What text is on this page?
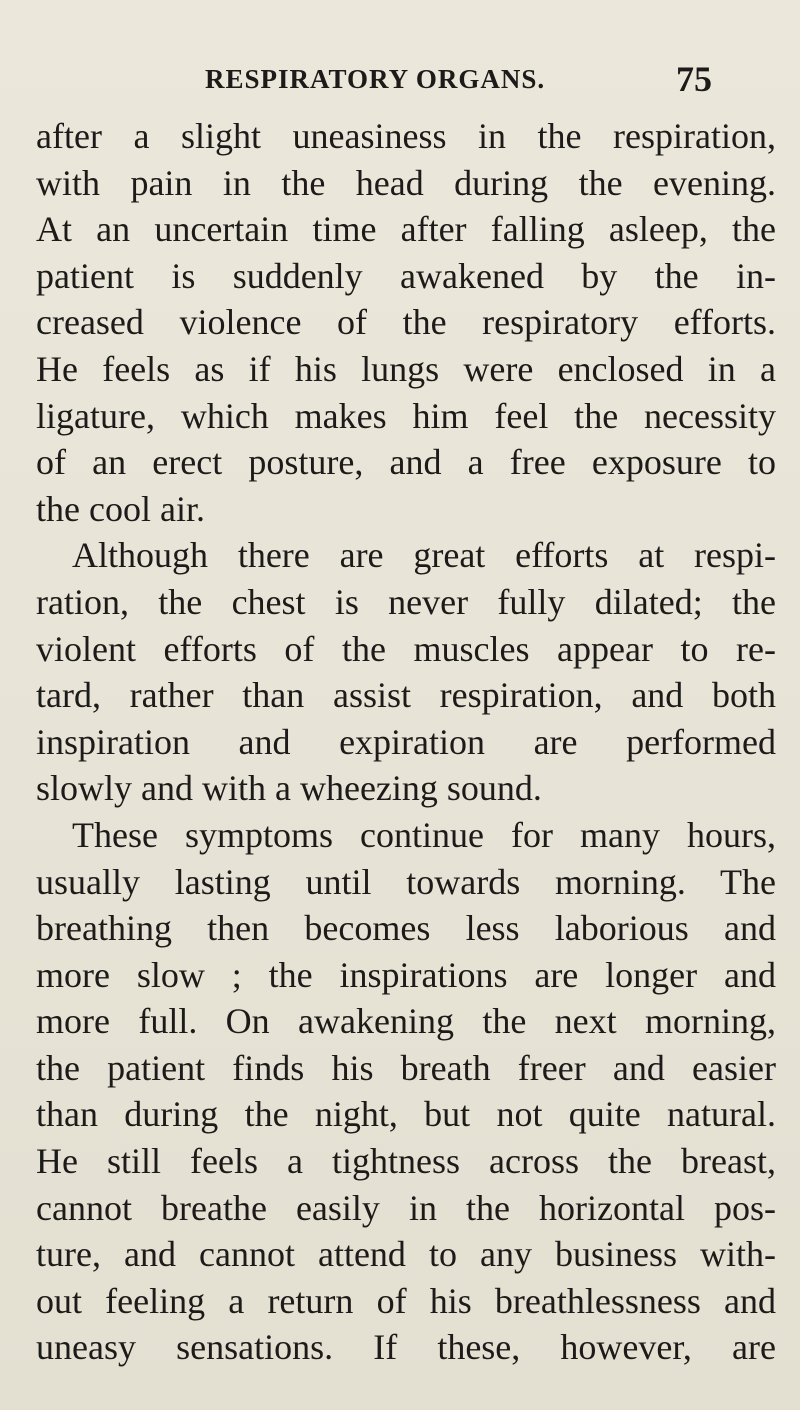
RESPIRATORY ORGANS.	75
after a slight uneasiness in the respiration,
with pain in the head during the evening.
At an uncertain time after falling asleep, the
patient is suddenly awakened by the in-
creased violence of the respiratory efforts.
He feels as if his lungs were enclosed in a
ligature, which makes him feel the necessity
of an erect posture, and a free exposure to
the cool air.
Although there are great efforts at respi-
ration, the chest is never fully dilated; the
violent efforts of the muscles appear to re-
tard, rather than assist respiration, and both
inspiration and expiration are performed
slowly and with a wheezing sound.
These symptoms continue for many hours,
usually lasting until towards morning. The
breathing then becomes less laborious and
more slow ; the inspirations are longer and
more full. On awakening the next morning,
the patient finds his breath freer and easier
than during the night, but not quite natural.
He still feels a tightness across the breast,
cannot breathe easily in the horizontal pos-
ture, and cannot attend to any business with-
out feeling a return of his breathlessness and
uneasy sensations. If these, however, are
